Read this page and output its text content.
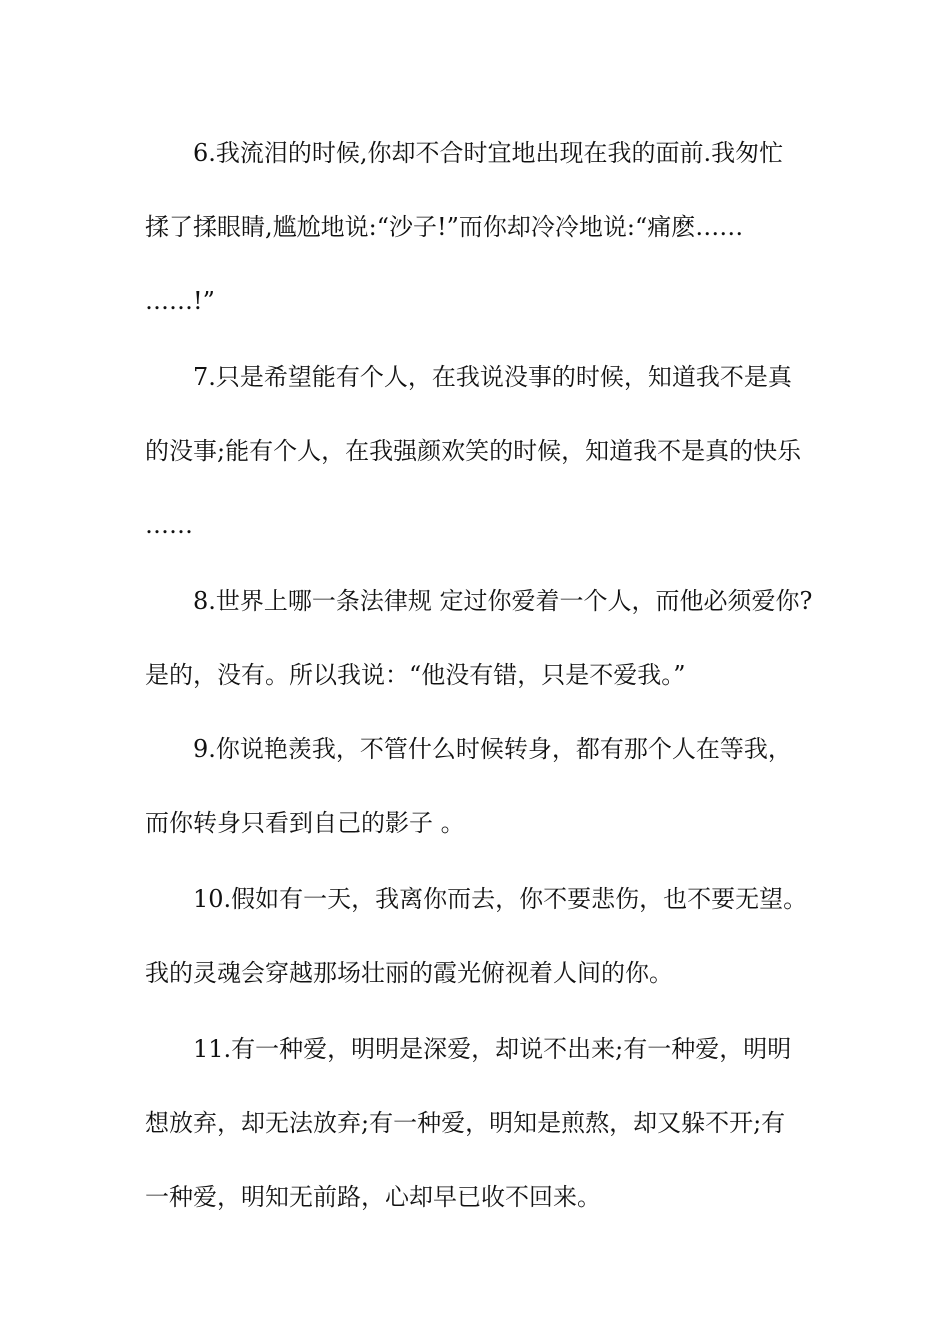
6.我流泪的时候,你却不合时宜地出现在我的面前.我匆忙

揉了揉眼睛,尴尬地说:“沙子!”而你却冷冷地说:“痛麽……

……!”

7.只是希望能有个人，在我说没事的时候，知道我不是真

的没事;能有个人，在我强颜欢笑的时候，知道我不是真的快乐

……

8.世界上哪一条法律规 定过你爱着一个人，而他必须爱你?

是的，没有。所以我说：“他没有错，只是不爱我。”

9.你说艳羡我，不管什么时候转身，都有那个人在等我，

而你转身只看到自己的影子 。

10.假如有一天，我离你而去，你不要悲伤，也不要无望。

我的灵魂会穿越那场壮丽的霞光俯视着人间的你。

11.有一种爱，明明是深爱，却说不出来;有一种爱，明明

想放弃，却无法放弃;有一种爱，明知是煎熬，却又躲不开;有

一种爱，明知无前路，心却早已收不回来。
